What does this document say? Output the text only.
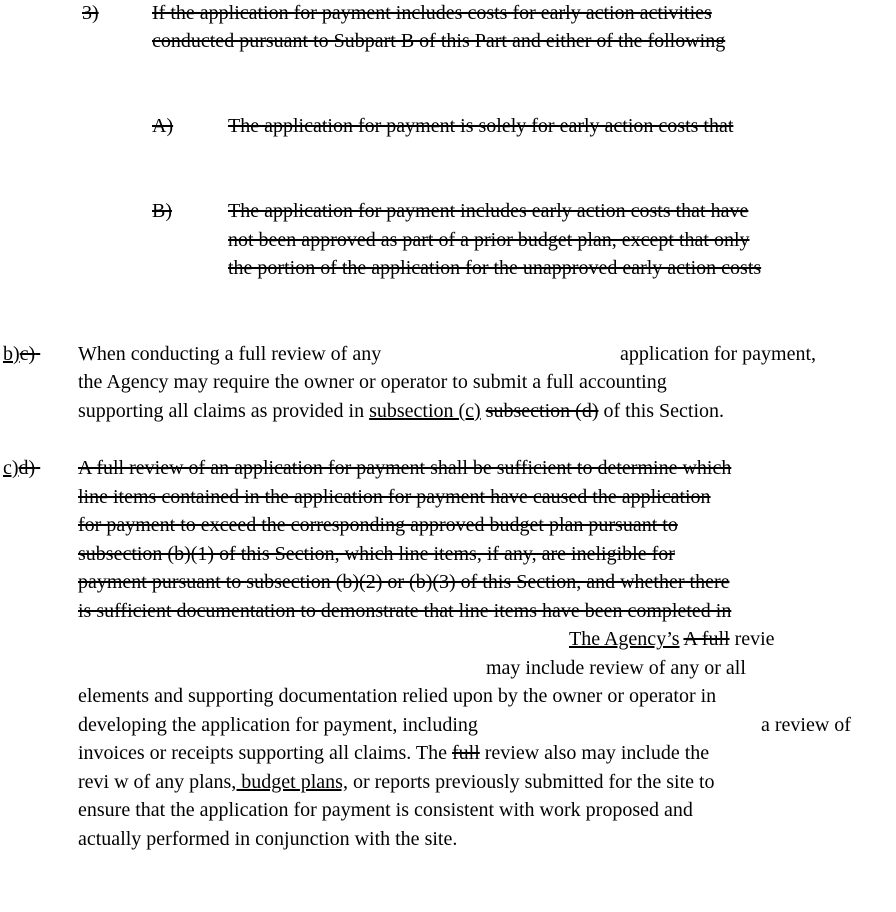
3)	If the application for payment includes costs for early action activities
conducted pursuant to Subpart B of this Part and either of the following
A)	The application for payment is solely for early action costs that
B)	The application for payment includes early action costs that have
not been approved as part of a prior budget plan, except that only
the portion of the application for the unapproved early action costs
b)c)	When conducting a full review of any	application for payment,
the Agency may require the owner or operator to submit a full accounting
supporting all claims as provided in subsection (c) subsection (d) of this Section.
c)d)	A full review of an application for payment shall be sufficient to determine which
line items contained in the application for payment have caused the application
for payment to exceed the corresponding approved budget plan pursuant to
subsection (b)(1) of this Section, which line items, if any, are ineligible for
payment pursuant to subsection (b)(2) or (b)(3) of this Section, and whether there
is sufficient documentation to demonstrate that line items have been completed in
The Agency’s A full revie
may include review of any or all
elements and supporting documentation relied upon by the owner or operator in
developing the application for payment, including	a review of
invoices or receipts supporting all claims. The full review also may include the
revi w of any plans, budget plans, or reports previously submitted for the site to
ensure that the application for payment is consistent with work proposed and
actually performed in conjunction with the site.
